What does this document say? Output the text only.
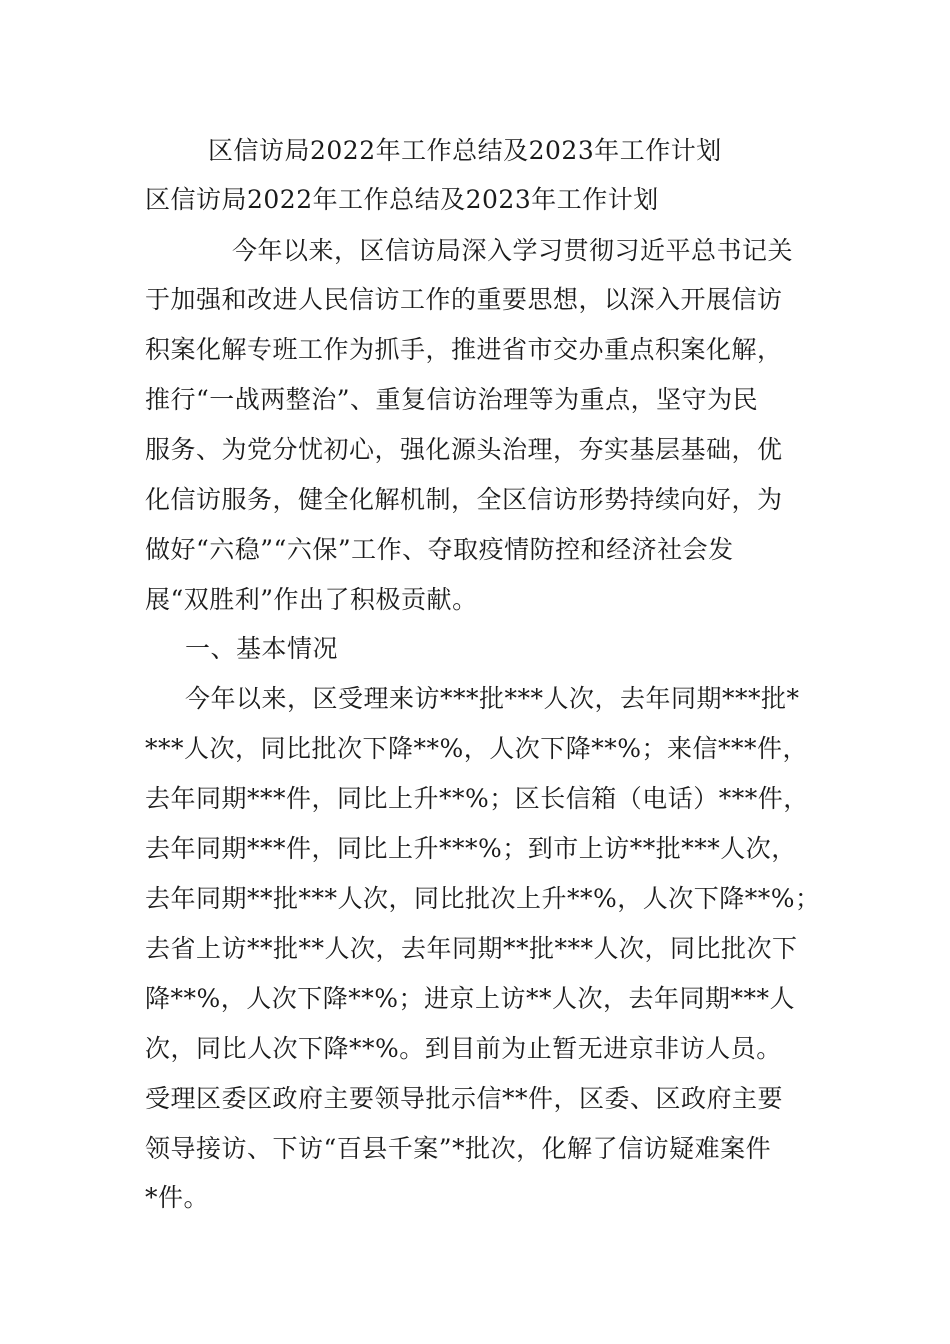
区信访局2022年工作总结及2023年工作计划
区信访局2022年工作总结及2023年工作计划
今年以来，区信访局深入学习贯彻习近平总书记关
于加强和改进人民信访工作的重要思想，以深入开展信访
积案化解专班工作为抓手，推进省市交办重点积案化解，
推行“一战两整治”、重复信访治理等为重点，坚守为民
服务、为党分忧初心，强化源头治理，夯实基层基础，优
化信访服务，健全化解机制，全区信访形势持续向好，为
做好“六稳”“六保”工作、夺取疫情防控和经济社会发
展“双胜利”作出了积极贡献。
一、基本情况
今年以来，区受理来访***批***人次，去年同期***批*
***人次，同比批次下降**%，人次下降**%；来信***件，
去年同期***件，同比上升**%；区长信箱（电话）***件，
去年同期***件，同比上升***%；到市上访**批***人次，
去年同期**批***人次，同比批次上升**%，人次下降**%；
去省上访**批**人次，去年同期**批***人次，同比批次下
降**%，人次下降**%；进京上访**人次，去年同期***人
次，同比人次下降**%。到目前为止暂无进京非访人员。
受理区委区政府主要领导批示信**件，区委、区政府主要
领导接访、下访“百县千案”*批次，化解了信访疑难案件
*件。
